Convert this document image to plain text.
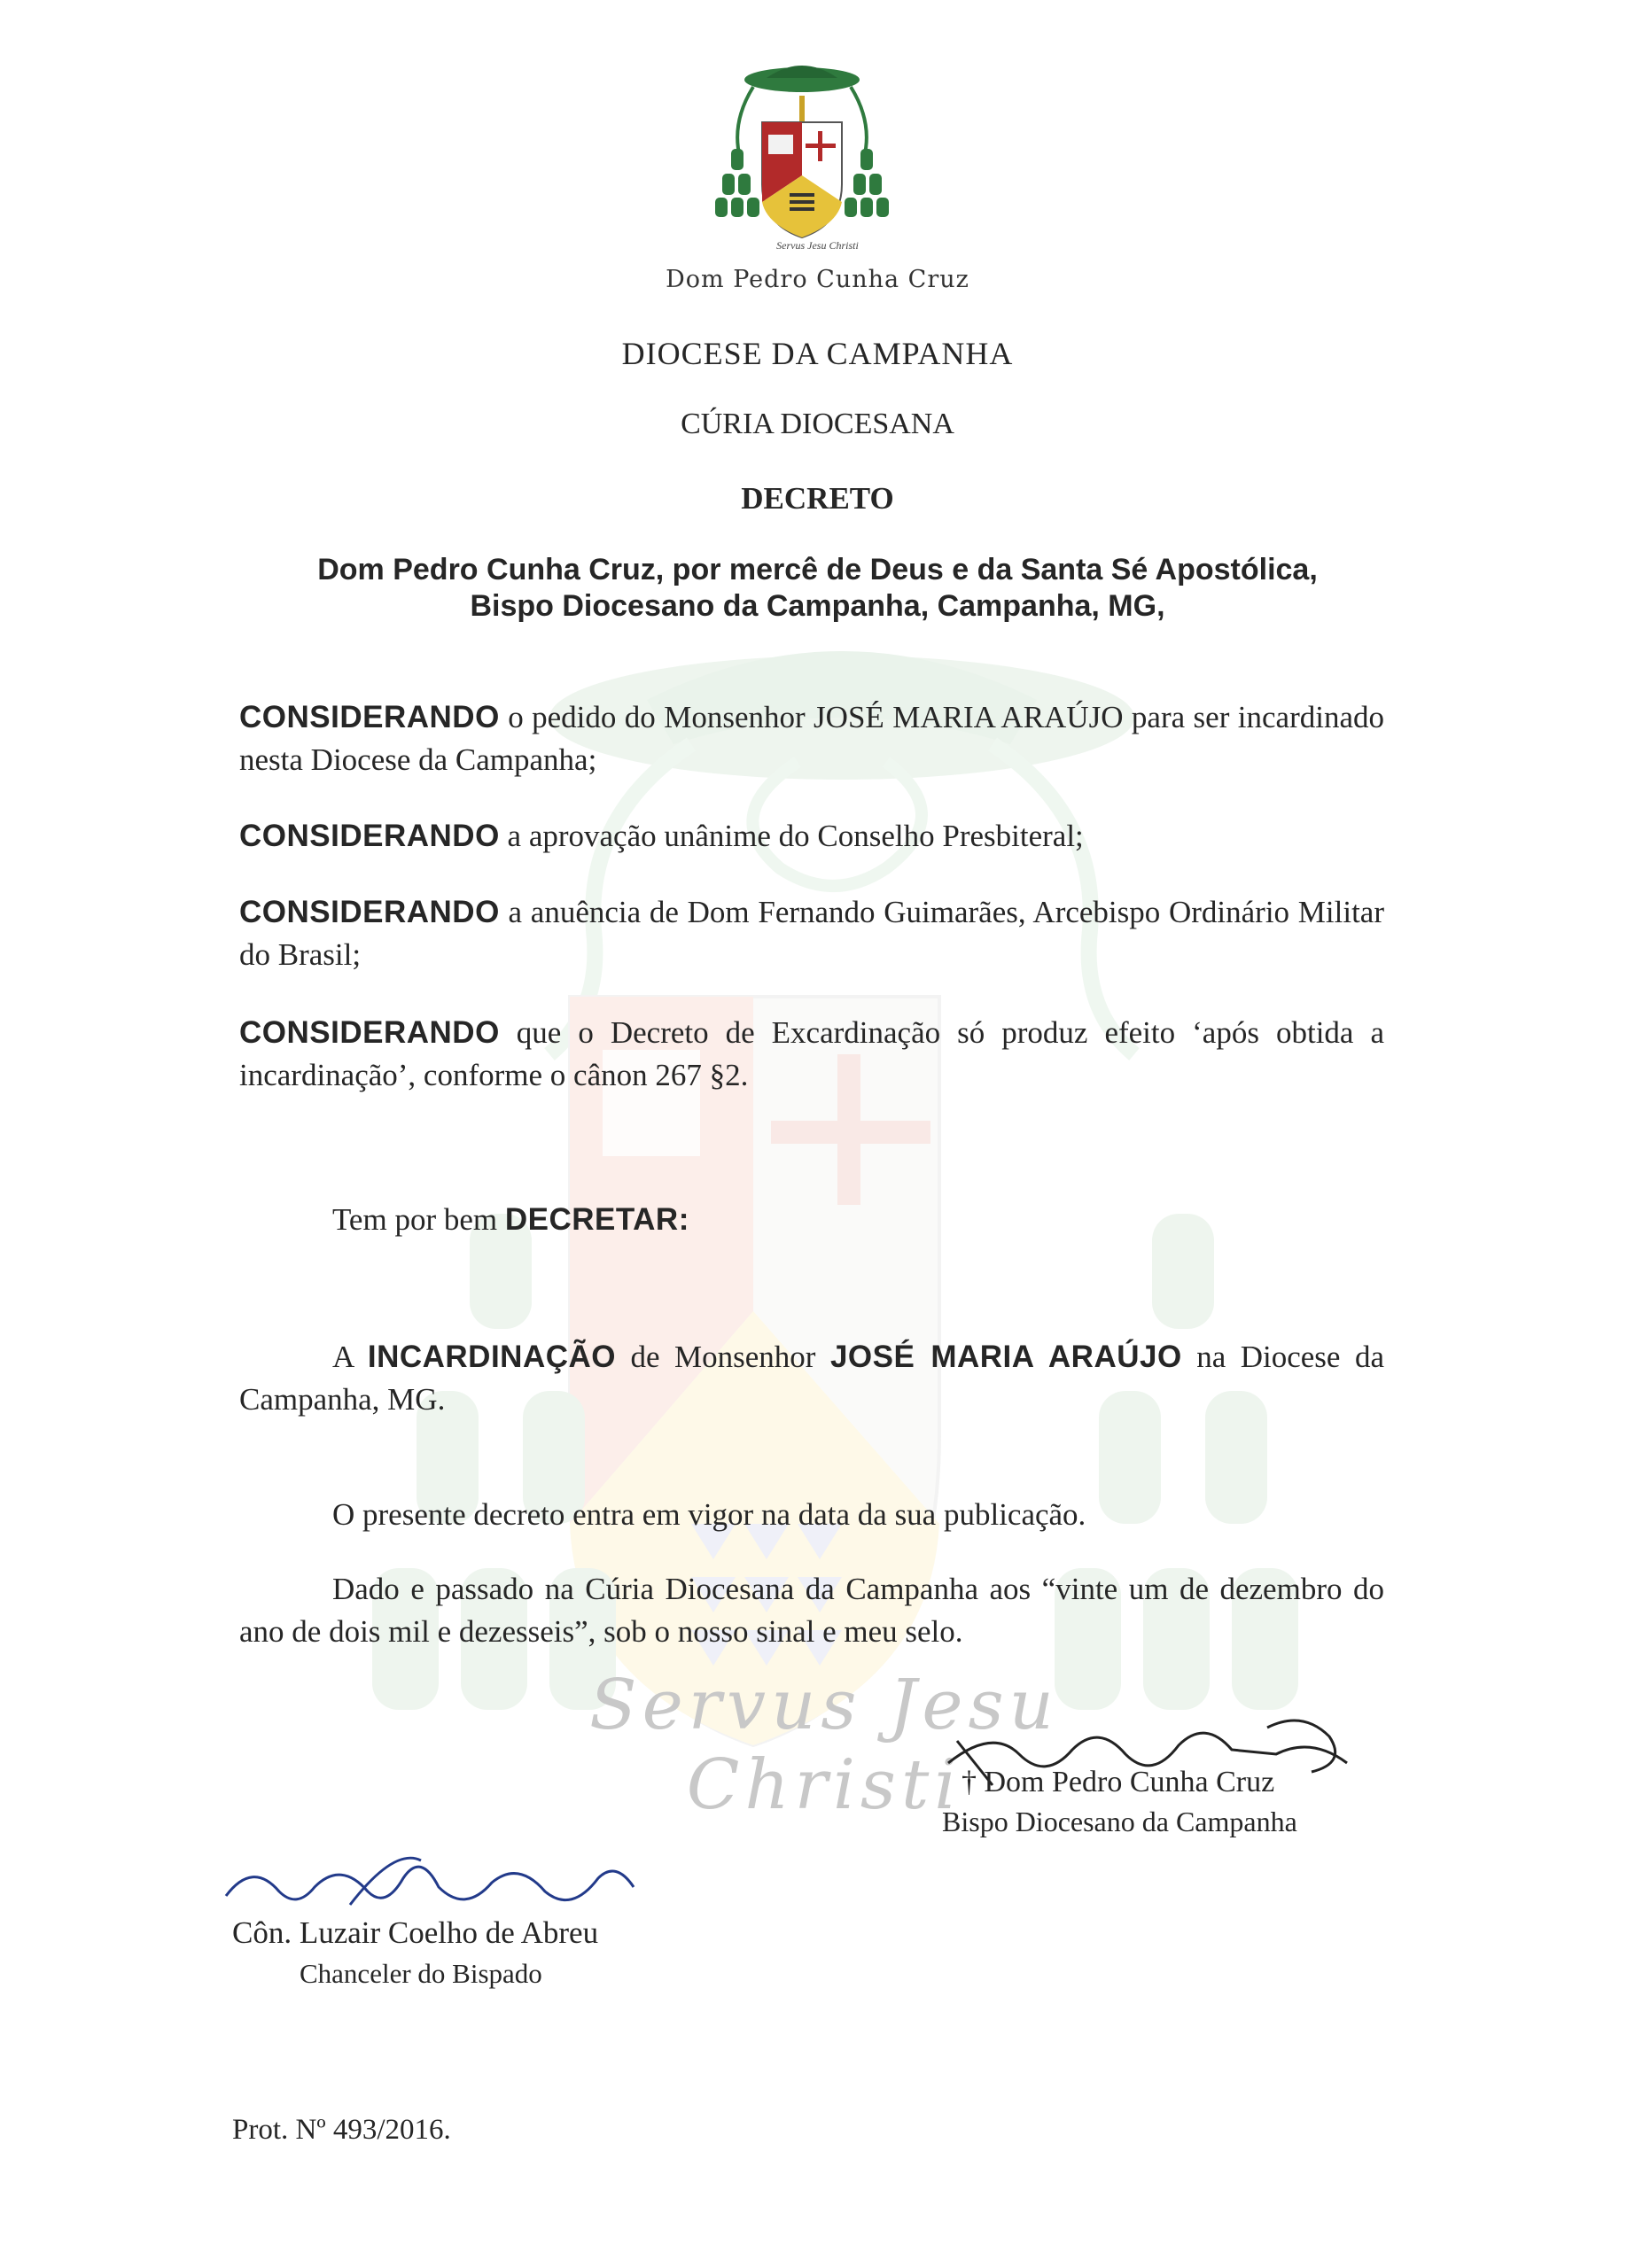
Servus Jesu Christi
Dom Pedro Cunha Cruz
DIOCESE DA CAMPANHA
CÚRIA DIOCESANA
DECRETO
Dom Pedro Cunha Cruz, por mercê de Deus e da Santa Sé Apostólica,
Bispo Diocesano da Campanha, Campanha, MG,
CONSIDERANDO o pedido do Monsenhor JOSÉ MARIA ARAÚJO para ser incardinado nesta Diocese da Campanha;
CONSIDERANDO a aprovação unânime do Conselho Presbiteral;
CONSIDERANDO a anuência de Dom Fernando Guimarães, Arcebispo Ordinário Militar do Brasil;
CONSIDERANDO que o Decreto de Excardinação só produz efeito ‘após obtida a incardinação’, conforme o cânon 267 §2.
Tem por bem DECRETAR:
A INCARDINAÇÃO de Monsenhor JOSÉ MARIA ARAÚJO na Diocese da Campanha, MG.
O presente decreto entra em vigor na data da sua publicação.
Dado e passado na Cúria Diocesana da Campanha aos “vinte um de dezembro do ano de dois mil e dezesseis”, sob o nosso sinal e meu selo.
Servus Jesu Christi † Dom Pedro Cunha Cruz
Bispo Diocesano da Campanha
Côn. Luzair Coelho de Abreu
Chanceler do Bispado
Prot. Nº 493/2016.
